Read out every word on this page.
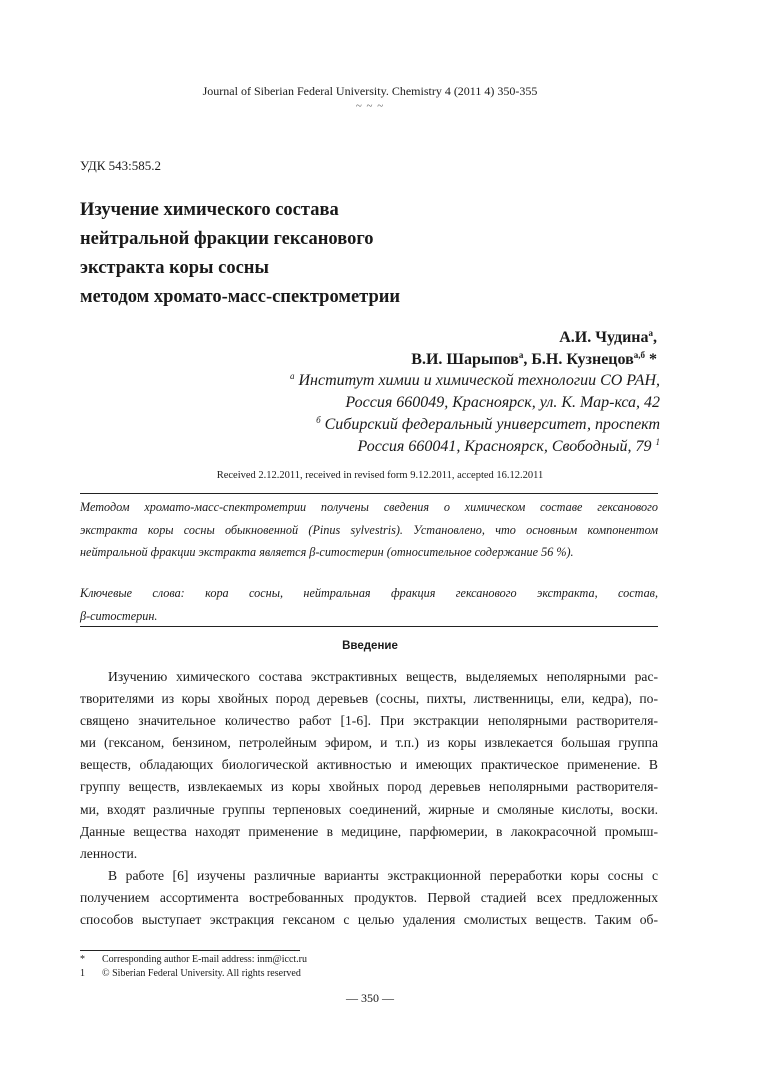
Journal of Siberian Federal University. Chemistry 4 (2011 4) 350-355
~ ~ ~
УДК 543:585.2
Изучение химического состава
нейтральной фракции гексанового
экстракта коры сосны
методом хромато-масс-спектрометрии
А.И. Чудина$^а$,
В.И. Шарыпов$^а$, Б.Н. Кузнецов$^{а,б}$ *
$^а$ Институт химии и химической технологии СО РАН,
Россия 660049, Красноярск, ул. К. Мар-кса, 42
$^б$ Сибирский федеральный университет, проспект
Россия 660041, Красноярск, Свободный, 79 $^1$
Received 2.12.2011, received in revised form 9.12.2011, accepted 16.12.2011
Методом хромато-масс-спектрометрии получены сведения о химическом составе гексанового
экстракта коры сосны обыкновенной (Pinus sylvestris). Установлено, что основным компонентом
нейтральной фракции экстракта является β-ситостерин (относительное содержание 56 %).
Ключевые слова: кора сосны, нейтральная фракция гексанового экстракта, состав,
β-ситостерин.
Введение
Изучению химического состава экстрактивных веществ, выделяемых неполярными рас-
творителями из коры хвойных пород деревьев (сосны, пихты, лиственницы, ели, кедра), по-
священо значительное количество работ [1-6]. При экстракции неполярными растворителя-
ми (гексаном, бензином, петролейным эфиром, и т.п.) из коры извлекается большая группа
веществ, обладающих биологической активностью и имеющих практическое применение. В
группу веществ, извлекаемых из коры хвойных пород деревьев неполярными растворителя-
ми, входят различные группы терпеновых соединений, жирные и смоляные кислоты, воски.
Данные вещества находят применение в медицине, парфюмерии, в лакокрасочной промыш-
ленности.
В работе [6] изучены различные варианты экстракционной переработки коры сосны с
получением ассортимента востребованных продуктов. Первой стадией всех предложенных
способов выступает экстракция гексаном с целью удаления смолистых веществ. Таким об-
*	Corresponding author E-mail address: inm@icct.ru
1	© Siberian Federal University. All rights reserved
— 350 —
